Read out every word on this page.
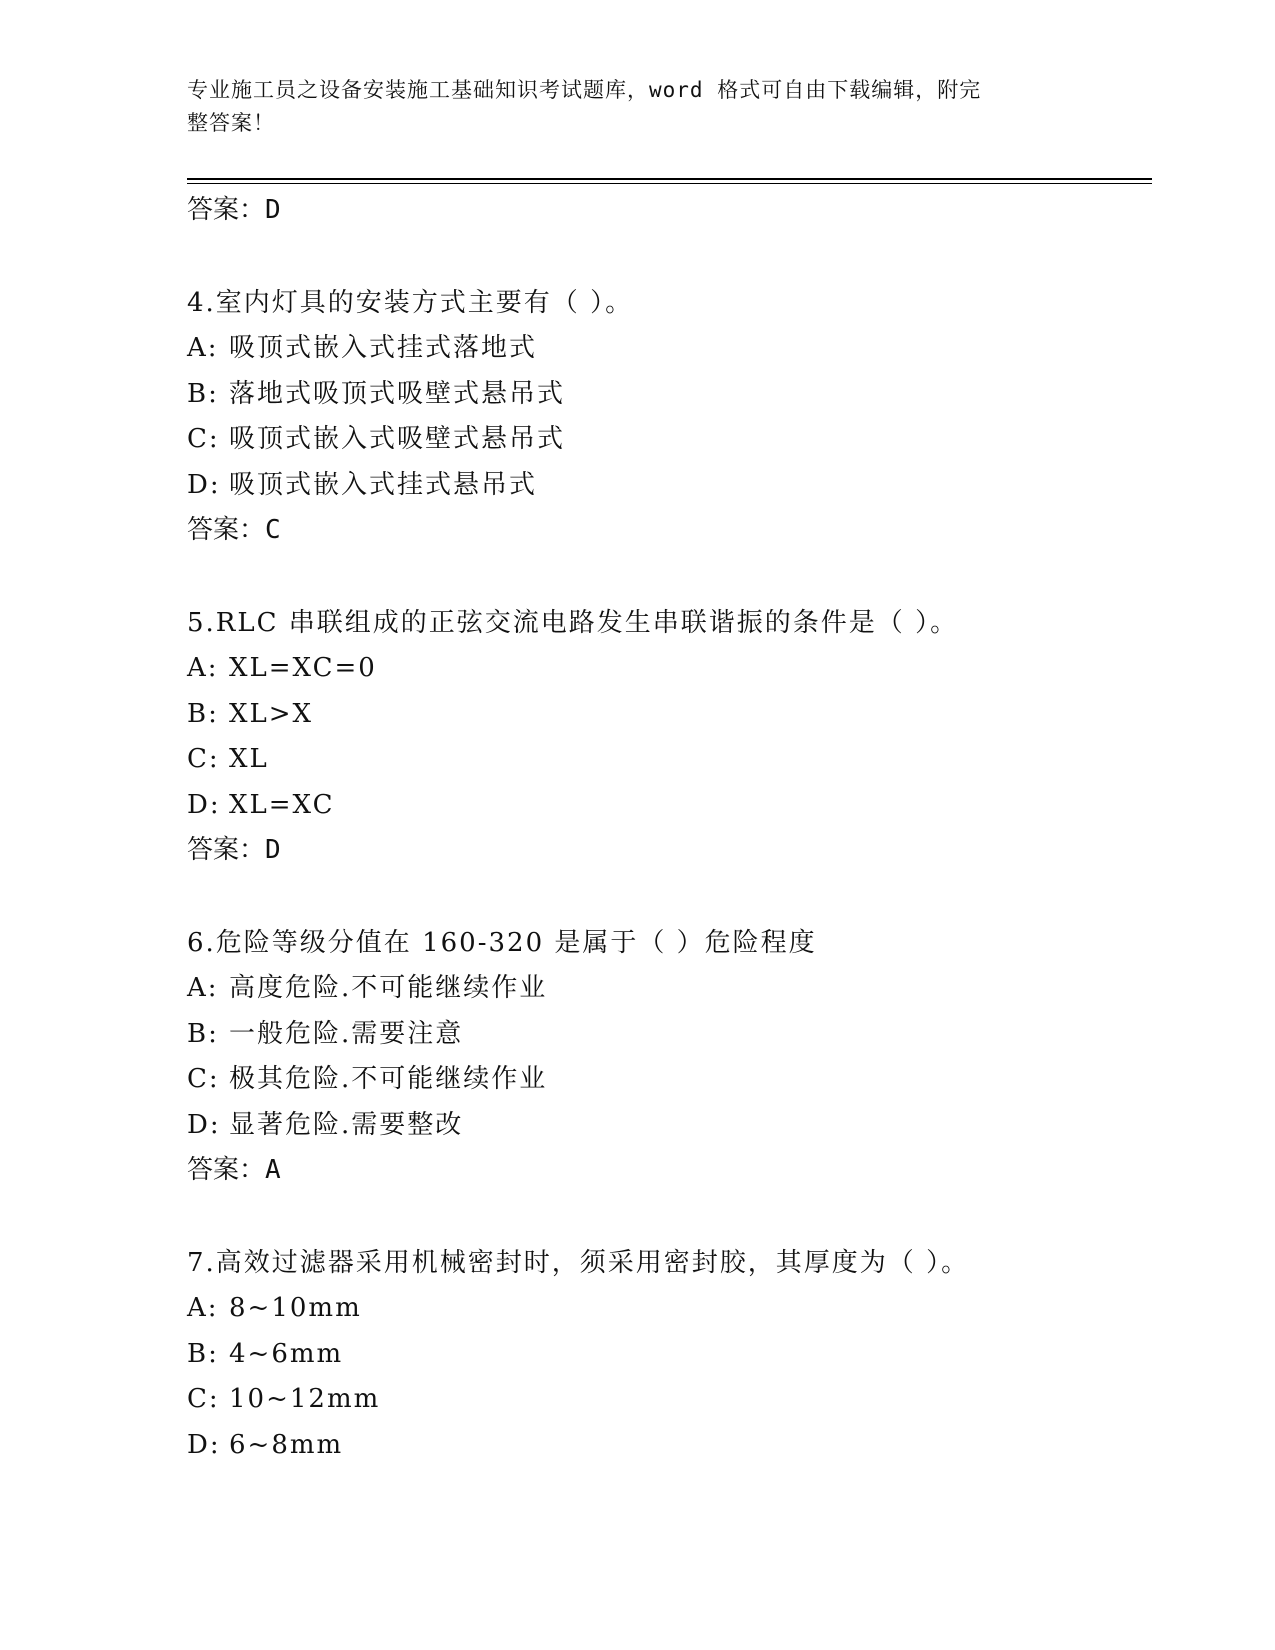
专业施工员之设备安装施工基础知识考试题库，word 格式可自由下载编辑，附完
整答案！
答案：D
4.室内灯具的安装方式主要有（ ）。
A: 吸顶式嵌入式挂式落地式
B: 落地式吸顶式吸壁式悬吊式
C: 吸顶式嵌入式吸壁式悬吊式
D: 吸顶式嵌入式挂式悬吊式
答案：C
5.RLC 串联组成的正弦交流电路发生串联谐振的条件是（ ）。
A: XL=XC=0
B: XL>X
C: XL
D: XL=XC
答案：D
6.危险等级分值在 160-320 是属于（ ）危险程度
A: 高度危险.不可能继续作业
B: 一般危险.需要注意
C: 极其危险.不可能继续作业
D: 显著危险.需要整改
答案：A
7.高效过滤器采用机械密封时，须采用密封胶，其厚度为（ ）。
A: 8~10mm
B: 4~6mm
C: 10~12mm
D: 6~8mm
